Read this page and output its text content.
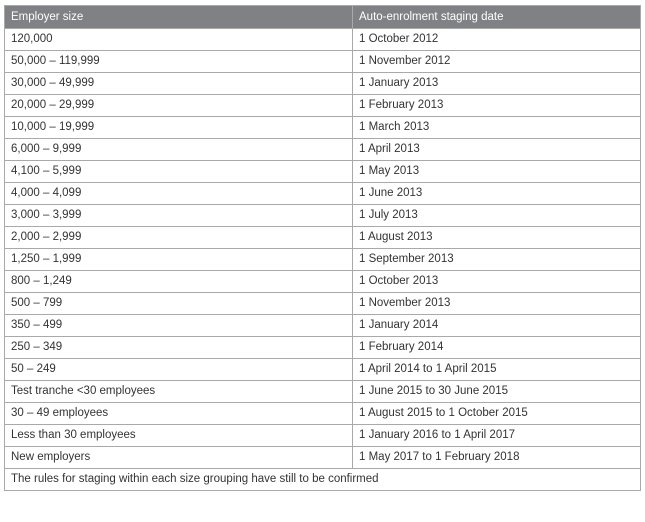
Employer size	Auto-enrolment staging date
120,000	1 October 2012
50,000 – 119,999	1 November 2012
30,000 – 49,999	1 January 2013
20,000 – 29,999	1 February 2013
10,000 – 19,999	1 March 2013
6,000 – 9,999	1 April 2013
4,100 – 5,999	1 May 2013
4,000 – 4,099	1 June 2013
3,000 – 3,999	1 July 2013
2,000 – 2,999	1 August 2013
1,250 – 1,999	1 September 2013
800 – 1,249	1 October 2013
500 – 799	1 November 2013
350 – 499	1 January 2014
250 – 349	1 February 2014
50 – 249	1 April 2014 to 1 April 2015
Test tranche <30 employees	1 June 2015 to 30 June 2015
30 – 49 employees	1 August 2015 to 1 October 2015
Less than 30 employees	1 January 2016 to 1 April 2017
New employers	1 May 2017 to 1 February 2018
The rules for staging within each size grouping have still to be confirmed	
